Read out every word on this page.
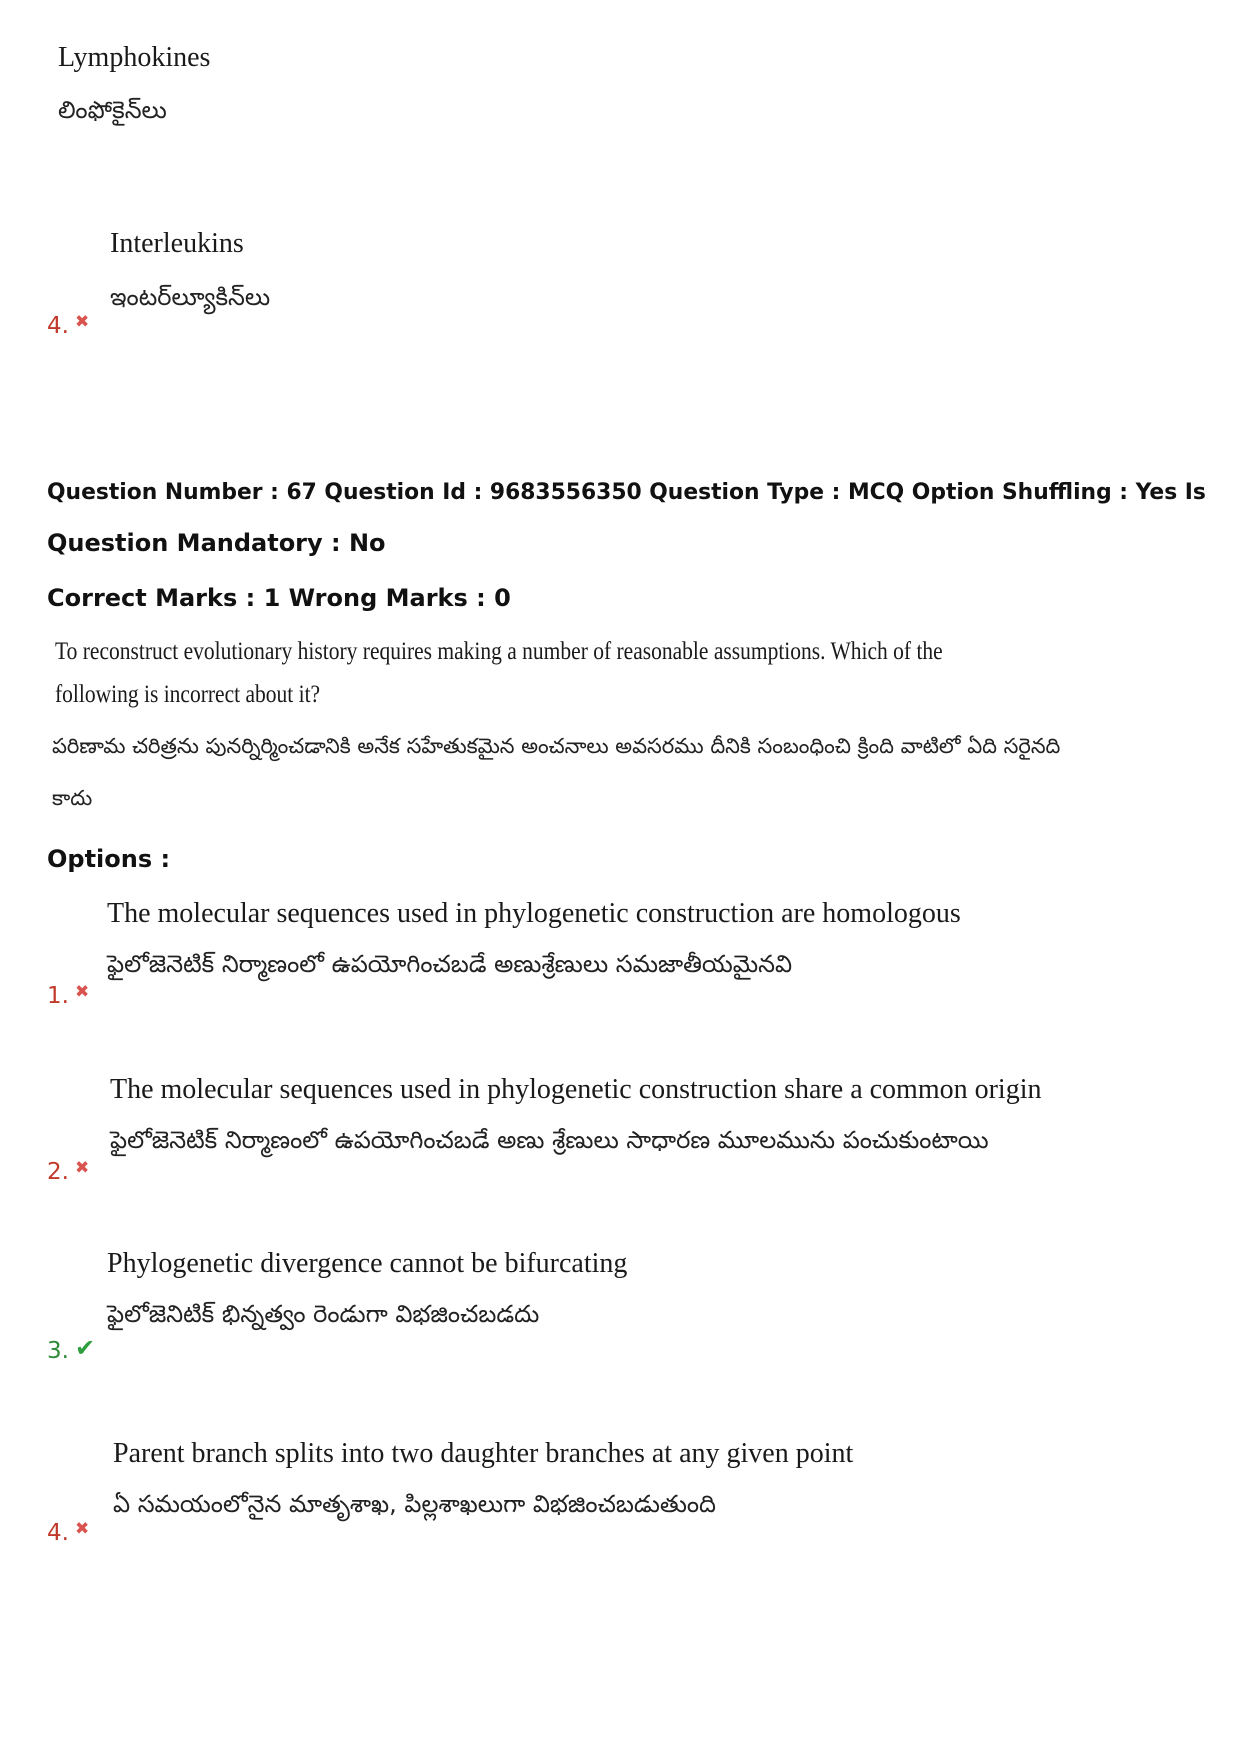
Lymphokines
లింఫోకైన్‌లు
Interleukins
ఇంటర్‌ల్యూకిన్‌లు
4. ✖
Question Number : 67 Question Id : 9683556350 Question Type : MCQ Option Shuffling : Yes Is
Question Mandatory : No
Correct Marks : 1 Wrong Marks : 0
To reconstruct evolutionary history requires making a number of reasonable assumptions. Which of the
following is incorrect about it?
పరిణామ చరిత్రను పునర్నిర్మించడానికి అనేక సహేతుకమైన అంచనాలు అవసరము దీనికి సంబంధించి క్రింది వాటిలో ఏది సరైనది
కాదు
Options :
The molecular sequences used in phylogenetic construction are homologous
ఫైలోజెనెటిక్ నిర్మాణంలో ఉపయోగించబడే అణుశ్రేణులు సమజాతీయమైనవి
1. ✖
The molecular sequences used in phylogenetic construction share a common origin
ఫైలోజెనెటిక్ నిర్మాణంలో ఉపయోగించబడే అణు శ్రేణులు సాధారణ మూలమును పంచుకుంటాయి
2. ✖
Phylogenetic divergence cannot be bifurcating
ఫైలోజెనిటిక్ భిన్నత్వం రెండుగా విభజించబడదు
3. ✔
Parent branch splits into two daughter branches at any given point
ఏ సమయంలోనైన మాతృశాఖ, పిల్లశాఖలుగా విభజించబడుతుంది
4. ✖
